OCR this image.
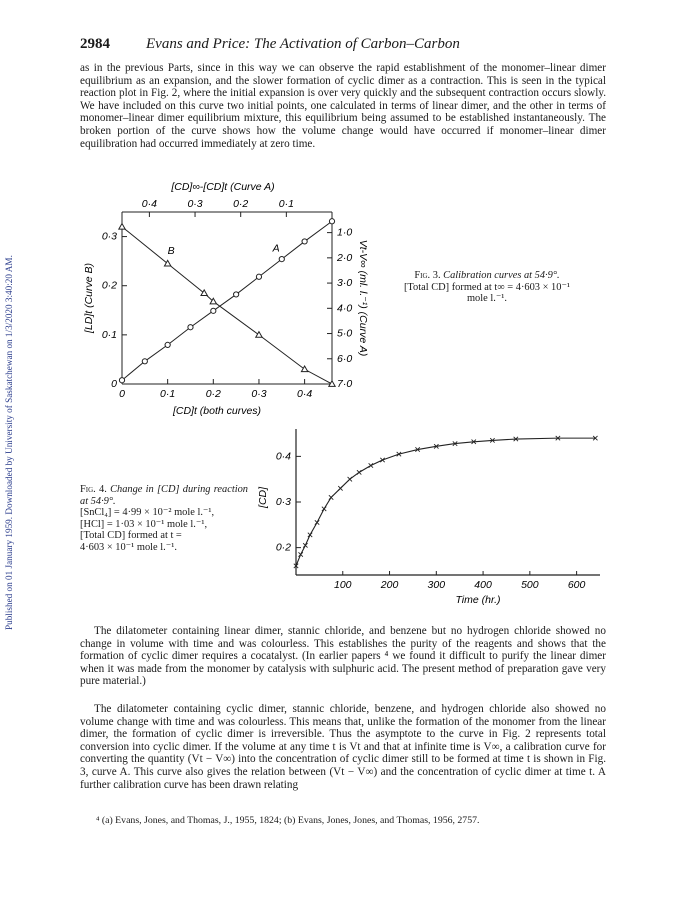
Published on 01 January 1959. Downloaded by University of Saskatchewan on 1/3/2020 3:40:20 AM.
2984 Evans and Price: The Activation of Carbon–Carbon

as in the previous Parts, since in this way we can observe the rapid establishment of the monomer–linear dimer equilibrium as an expansion, and the slower formation of cyclic dimer as a contraction. This is seen in the typical reaction plot in Fig. 2, where the initial expansion is over very quickly and the subsequent contraction occurs slowly. We have included on this curve two initial points, one calculated in terms of linear dimer, and the other in terms of monomer–linear dimer equilibrium mixture, this equilibrium being assumed to be established instantaneously. The broken portion of the curve shows how the volume change would have occurred if monomer–linear dimer equilibration had occurred immediately at zero time.

0	0·1	0·2	0·3	0·4
0·4	0·3	0·2	0·1
0
0·1
0·2
0·3	1·0
2·0
3·0
4·0
5·0
6·0
7·0
A
B
[CD]∞-[CD]t (Curve A)
[CD]t (both curves)
[LD]t (Curve B)	Vt-V∞ (ml. l.⁻¹) (Curve A)	Fig. 3. Calibration curves at 54·9°.
[Total CD] formed at t∞ = 4·603 × 10⁻¹
mole l.⁻¹.
100	200	300	400	500	600
0·2
0·3
0·4
Time (hr.)
[CD]
Fig. 4. Change in [CD] during reaction at 54·9°.
[SnCl₄] = 4·99 × 10⁻² mole l.⁻¹,
[HCl] = 1·03 × 10⁻¹ mole l.⁻¹,
[Total CD] formed at t =
4·603 × 10⁻¹ mole l.⁻¹.

The dilatometer containing linear dimer, stannic chloride, and benzene but no hydrogen chloride showed no change in volume with time and was colourless. This establishes the purity of the reagents and shows that the formation of cyclic dimer requires a cocatalyst. (In earlier papers ⁴ we found it difficult to purify the linear dimer when it was made from the monomer by catalysis with sulphuric acid. The present method of preparation gave very pure material.)

The dilatometer containing cyclic dimer, stannic chloride, benzene, and hydrogen chloride also showed no volume change with time and was colourless. This means that, unlike the formation of the monomer from the linear dimer, the formation of cyclic dimer is irreversible. Thus the asymptote to the curve in Fig. 2 represents total conversion into cyclic dimer. If the volume at any time t is Vt and that at infinite time is V∞, a calibration curve for converting the quantity (Vt − V∞) into the concentration of cyclic dimer still to be formed at time t is shown in Fig. 3, curve A. This curve also gives the relation between (Vt − V∞) and the concentration of cyclic dimer at time t. A further calibration curve has been drawn relating

⁴ (a) Evans, Jones, and Thomas, J., 1955, 1824; (b) Evans, Jones, Jones, and Thomas, 1956, 2757.
